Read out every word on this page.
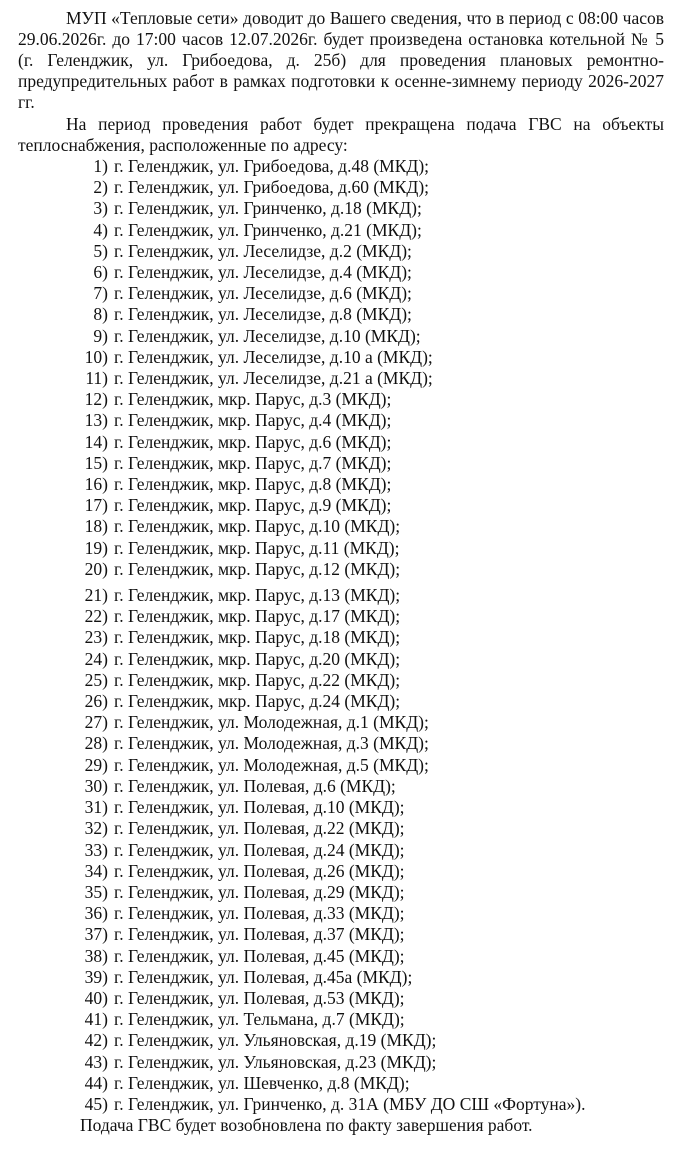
МУП «Тепловые сети» доводит до Вашего сведения, что в период с 08:00 часов 29.06.2026г. до 17:00 часов 12.07.2026г. будет произведена остановка котельной № 5 (г. Геленджик, ул. Грибоедова, д. 25б) для проведения плановых ремонтно-предупредительных работ в рамках подготовки к осенне-зимнему периоду 2026-2027 гг.

На период проведения работ будет прекращена подача ГВС на объекты теплоснабжения, расположенные по адресу:

1) г. Геленджик, ул. Грибоедова, д.48 (МКД);
2) г. Геленджик, ул. Грибоедова, д.60 (МКД);
3) г. Геленджик, ул. Гринченко, д.18 (МКД);
4) г. Геленджик, ул. Гринченко, д.21 (МКД);
5) г. Геленджик, ул. Леселидзе, д.2 (МКД);
6) г. Геленджик, ул. Леселидзе, д.4 (МКД);
7) г. Геленджик, ул. Леселидзе, д.6 (МКД);
8) г. Геленджик, ул. Леселидзе, д.8 (МКД);
9) г. Геленджик, ул. Леселидзе, д.10 (МКД);
10) г. Геленджик, ул. Леселидзе, д.10 а (МКД);
11) г. Геленджик, ул. Леселидзе, д.21 а (МКД);
12) г. Геленджик, мкр. Парус, д.3 (МКД);
13) г. Геленджик, мкр. Парус, д.4 (МКД);
14) г. Геленджик, мкр. Парус, д.6 (МКД);
15) г. Геленджик, мкр. Парус, д.7 (МКД);
16) г. Геленджик, мкр. Парус, д.8 (МКД);
17) г. Геленджик, мкр. Парус, д.9 (МКД);
18) г. Геленджик, мкр. Парус, д.10 (МКД);
19) г. Геленджик, мкр. Парус, д.11 (МКД);
20) г. Геленджик, мкр. Парус, д.12 (МКД);
21) г. Геленджик, мкр. Парус, д.13 (МКД);
22) г. Геленджик, мкр. Парус, д.17 (МКД);
23) г. Геленджик, мкр. Парус, д.18 (МКД);
24) г. Геленджик, мкр. Парус, д.20 (МКД);
25) г. Геленджик, мкр. Парус, д.22 (МКД);
26) г. Геленджик, мкр. Парус, д.24 (МКД);
27) г. Геленджик, ул. Молодежная, д.1 (МКД);
28) г. Геленджик, ул. Молодежная, д.3 (МКД);
29) г. Геленджик, ул. Молодежная, д.5 (МКД);
30) г. Геленджик, ул. Полевая, д.6 (МКД);
31) г. Геленджик, ул. Полевая, д.10 (МКД);
32) г. Геленджик, ул. Полевая, д.22 (МКД);
33) г. Геленджик, ул. Полевая, д.24 (МКД);
34) г. Геленджик, ул. Полевая, д.26 (МКД);
35) г. Геленджик, ул. Полевая, д.29 (МКД);
36) г. Геленджик, ул. Полевая, д.33 (МКД);
37) г. Геленджик, ул. Полевая, д.37 (МКД);
38) г. Геленджик, ул. Полевая, д.45 (МКД);
39) г. Геленджик, ул. Полевая, д.45а (МКД);
40) г. Геленджик, ул. Полевая, д.53 (МКД);
41) г. Геленджик, ул. Тельмана, д.7 (МКД);
42) г. Геленджик, ул. Ульяновская, д.19 (МКД);
43) г. Геленджик, ул. Ульяновская, д.23 (МКД);
44) г. Геленджик, ул. Шевченко, д.8 (МКД);
45) г. Геленджик, ул. Гринченко, д. 31А (МБУ ДО СШ «Фортуна»).

Подача ГВС будет возобновлена по факту завершения работ.
